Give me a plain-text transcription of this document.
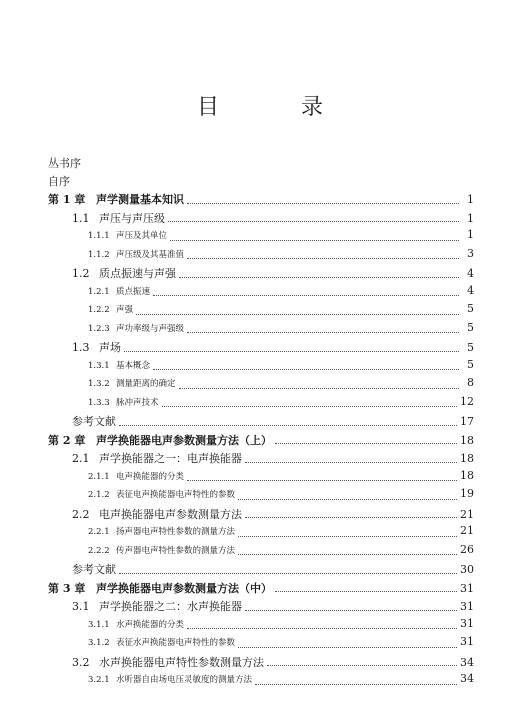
目　录
丛书序
自序
第 1 章 声学测量基本知识	1
1.1 声压与声压级	1
1.1.1 声压及其单位	1
1.1.2 声压级及其基准值	3
1.2 质点振速与声强	4
1.2.1 质点振速	4
1.2.2 声强	5
1.2.3 声功率级与声强级	5
1.3 声场	5
1.3.1 基本概念	5
1.3.2 测量距离的确定	8
1.3.3 脉冲声技术	12
参考文献	17
第 2 章 声学换能器电声参数测量方法（上）	18
2.1 声学换能器之一：电声换能器	18
2.1.1 电声换能器的分类	18
2.1.2 表征电声换能器电声特性的参数	19
2.2 电声换能器电声参数测量方法	21
2.2.1 扬声器电声特性参数的测量方法	21
2.2.2 传声器电声特性参数的测量方法	26
参考文献	30
第 3 章 声学换能器电声参数测量方法（中）	31
3.1 声学换能器之二：水声换能器	31
3.1.1 水声换能器的分类	31
3.1.2 表征水声换能器电声特性的参数	31
3.2 水声换能器电声特性参数测量方法	34
3.2.1 水听器自由场电压灵敏度的测量方法	34
